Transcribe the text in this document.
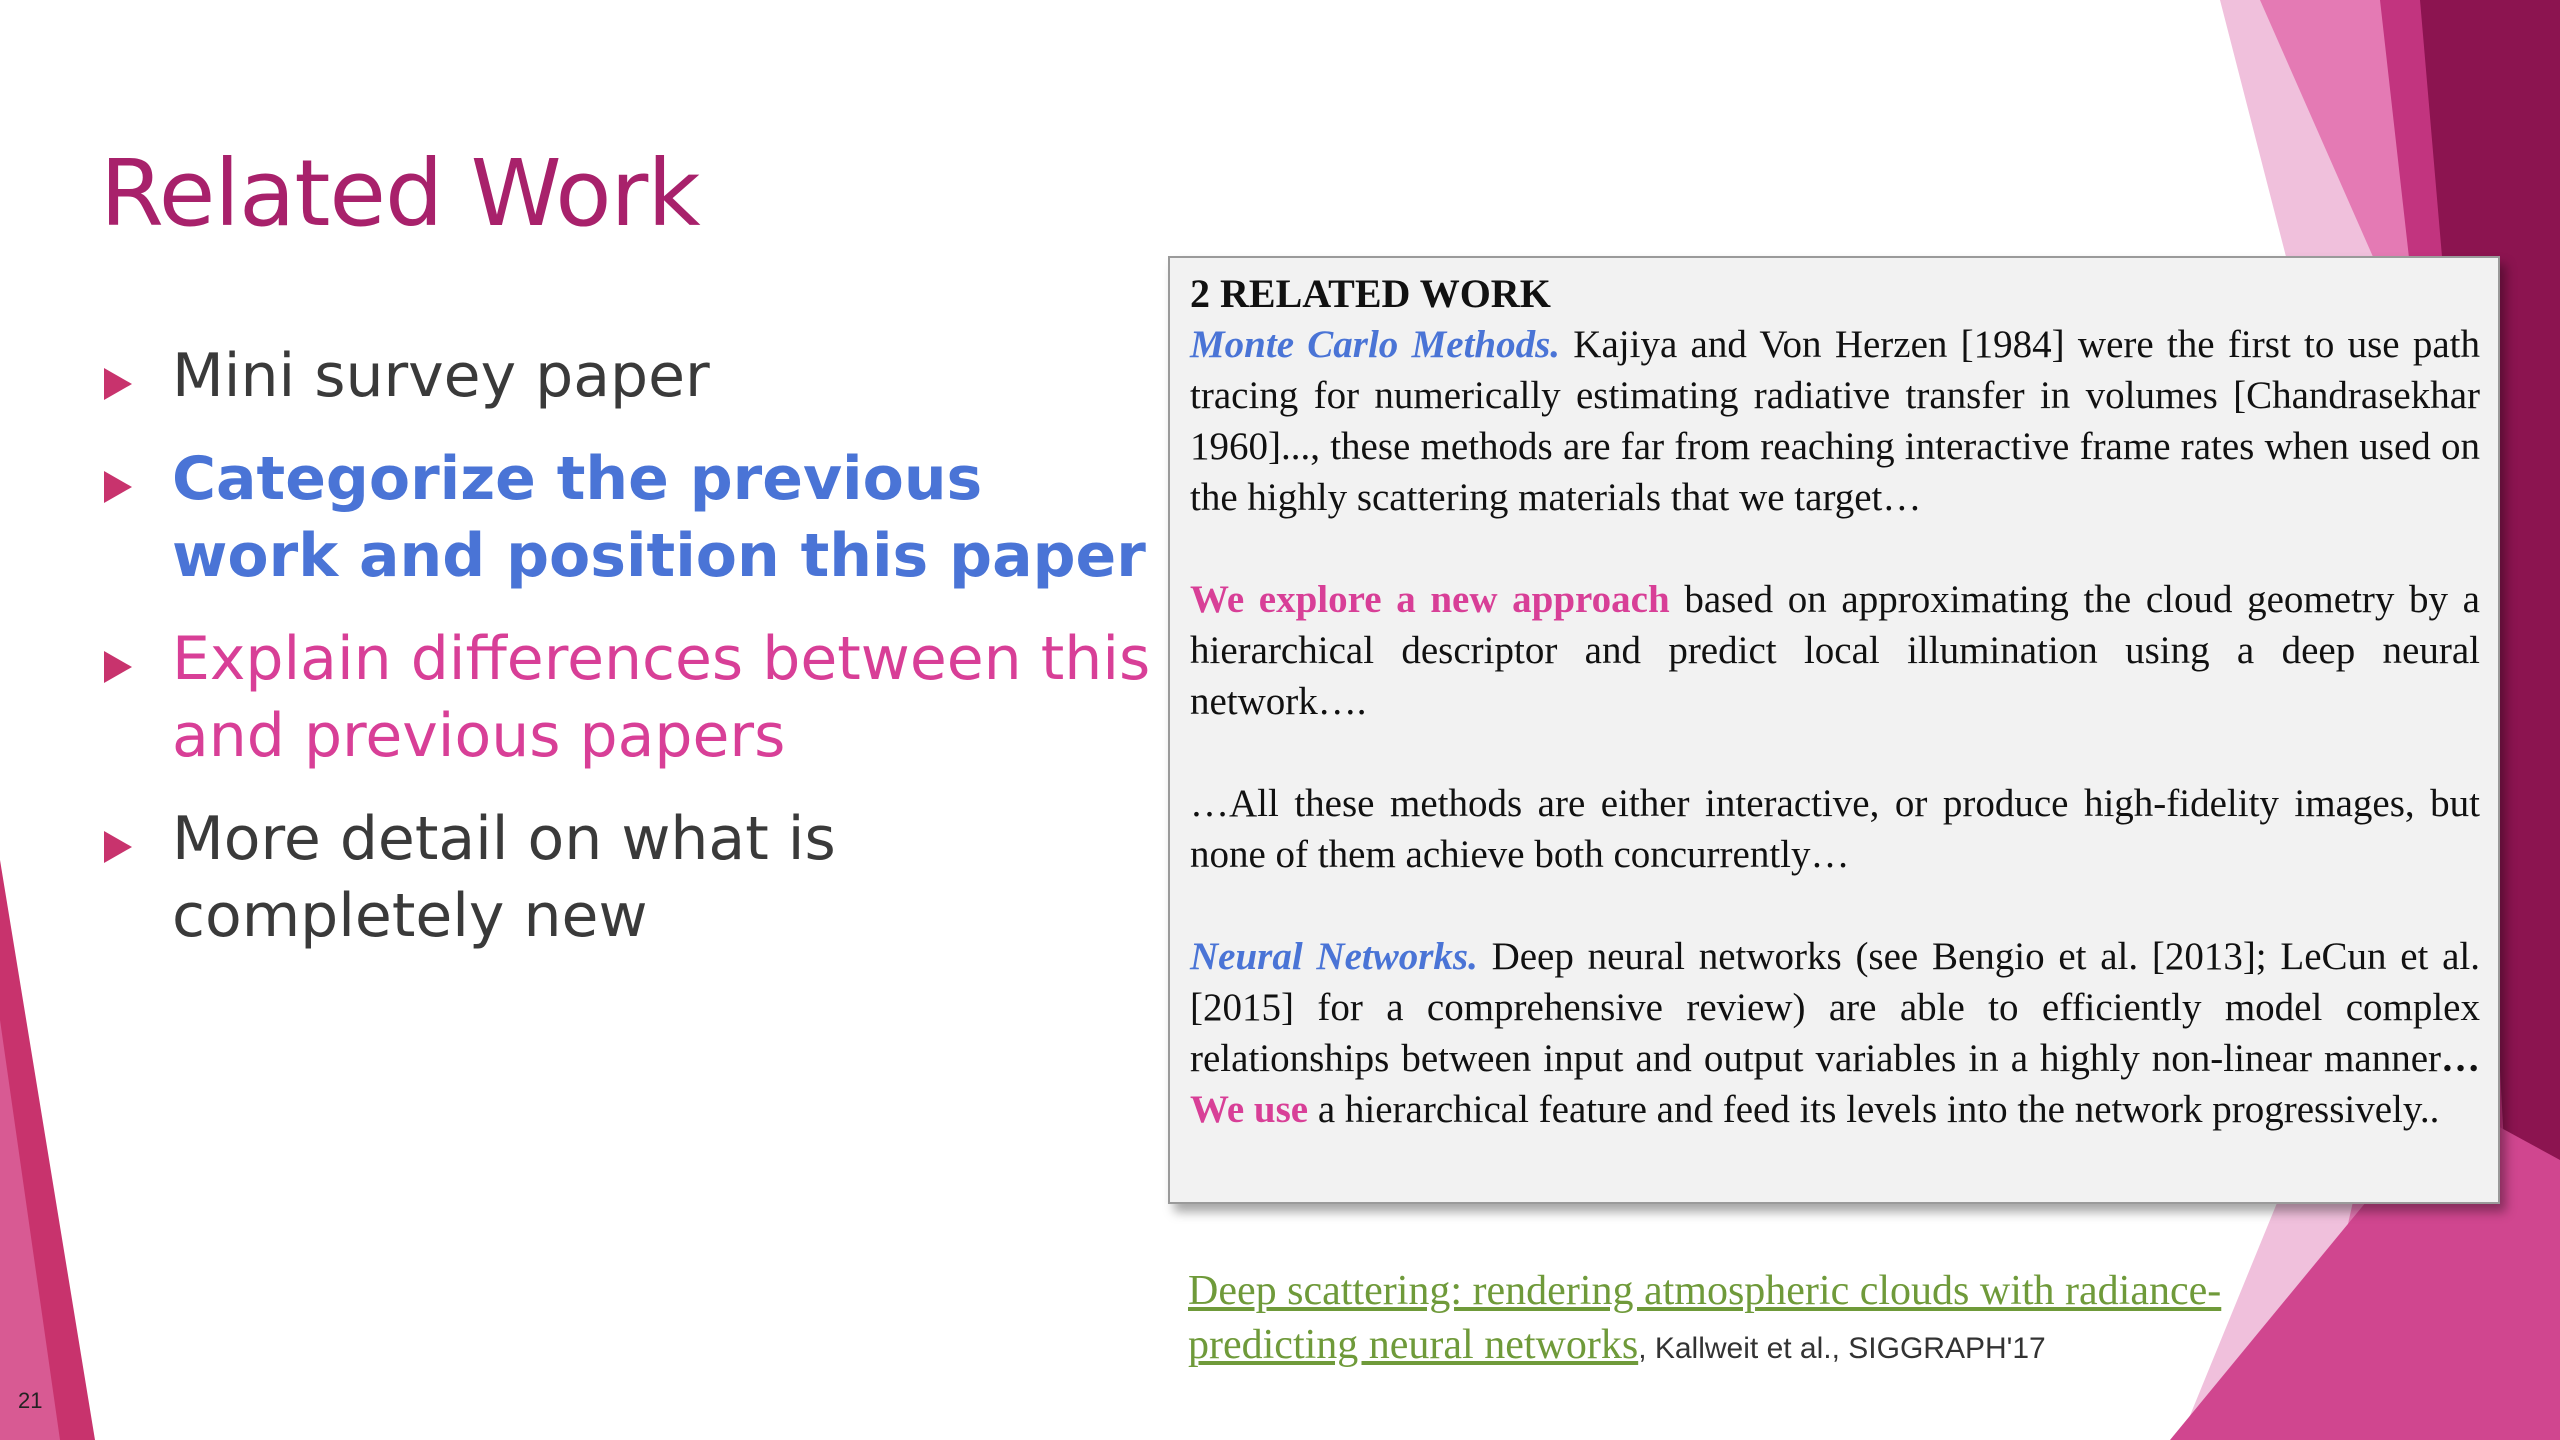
Related Work
Mini survey paper
Categorize the previous work and position this paper
Explain differences between this and previous papers
More detail on what is completely new

2 RELATED WORK

Monte Carlo Methods. Kajiya and Von Herzen [1984] were the first to use path tracing for numerically estimating radiative transfer in volumes [Chandrasekhar 1960]..., these methods are far from reaching interactive frame rates when used on the highly scattering materials that we target…

We explore a new approach based on approximating the cloud geometry by a hierarchical descriptor and predict local illumination using a deep neural network….

…All these methods are either interactive, or produce high-fidelity images, but none of them achieve both concurrently…

Neural Networks. Deep neural networks (see Bengio et al. [2013]; LeCun et al.[2015] for a comprehensive review) are able to efficiently model complex relationships between input and output variables in a highly non-linear manner… We use a hierarchical feature and feed its levels into the network progressively..

Deep scattering: rendering atmospheric clouds with radiance-predicting neural networks, Kallweit et al., SIGGRAPH'17
21
